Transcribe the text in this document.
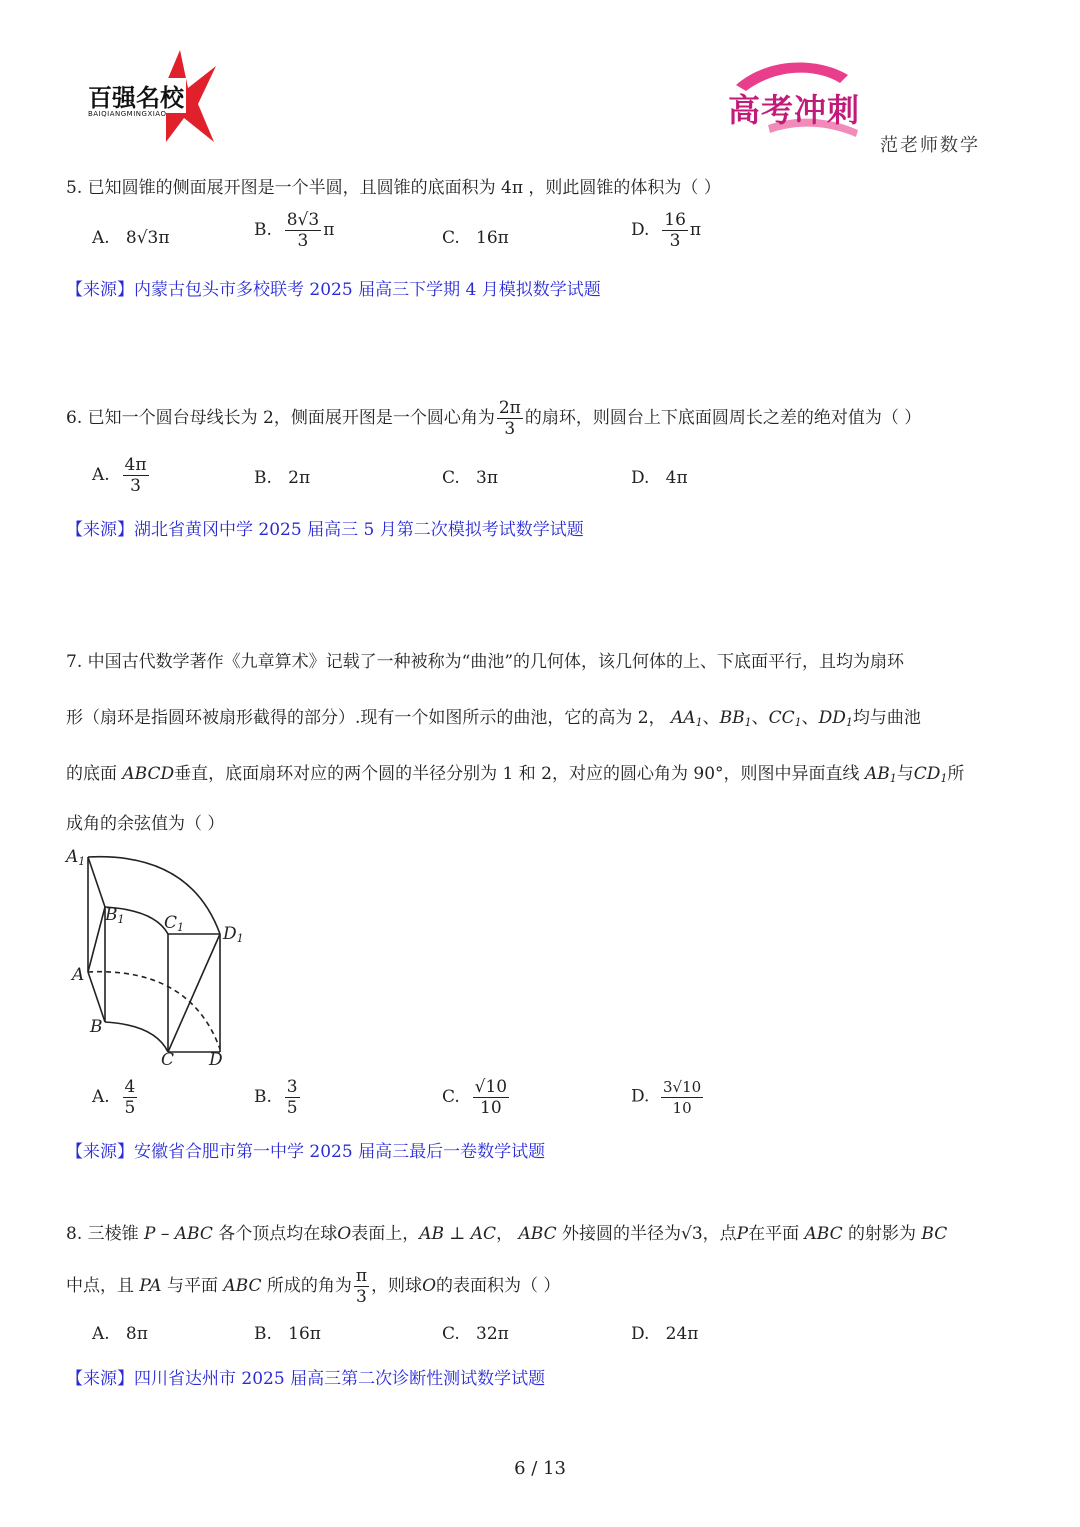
百强名校
BAIQIANGMINGXIAO	高考冲刺
范老师数学
5. 已知圆锥的侧面展开图是一个半圆，且圆锥的底面积为 4π ，则此圆锥的体积为（ ）
A. 8√3π	B. $\frac{8√3}{3}$ π	C. 16π	D. $\frac{16}{3}$ π
【来源】内蒙古包头市多校联考 2025 届高三下学期 4 月模拟数学试题
6. 已知一个圆台母线长为 2，侧面展开图是一个圆心角为 $\frac{2\pi}{3}$ 的扇环，则圆台上下底面圆周长之差的绝对值为（ ）
A. $\frac{4\pi}{3}$	B. 2π	C. 3π	D. 4π
【来源】湖北省黄冈中学 2025 届高三 5 月第二次模拟考试数学试题
7. 中国古代数学著作《九章算术》记载了一种被称为“曲池”的几何体，该几何体的上、下底面平行，且均为扇环
形（扇环是指圆环被扇形截得的部分）.现有一个如图所示的曲池，它的高为 2， $AA_1$、$BB_1$、$CC_1$、$DD_1$均与曲池
的底面 ABCD垂直，底面扇环对应的两个圆的半径分别为 1 和 2，对应的圆心角为 90°，则图中异面直线 $AB_1$与$CD_1$所
成角的余弦值为（ ）
A1
B1 C1 D1
A
B
C D
A. $\frac{4}{5}$	B. $\frac{3}{5}$	C. $\frac{√10}{10}$	D. $\frac{3√10}{10}$
【来源】安徽省合肥市第一中学 2025 届高三最后一卷数学试题
8. 三棱锥 P – ABC 各个顶点均在球O表面上，AB ⊥ AC， ABC 外接圆的半径为√3，点P在平面 ABC 的射影为 BC
中点，且 PA 与平面 ABC 所成的角为 $\frac{\pi}{3}$ ，则球O的表面积为（ ）
A. 8π	B. 16π	C. 32π	D. 24π
【来源】四川省达州市 2025 届高三第二次诊断性测试数学试题
6 / 13
